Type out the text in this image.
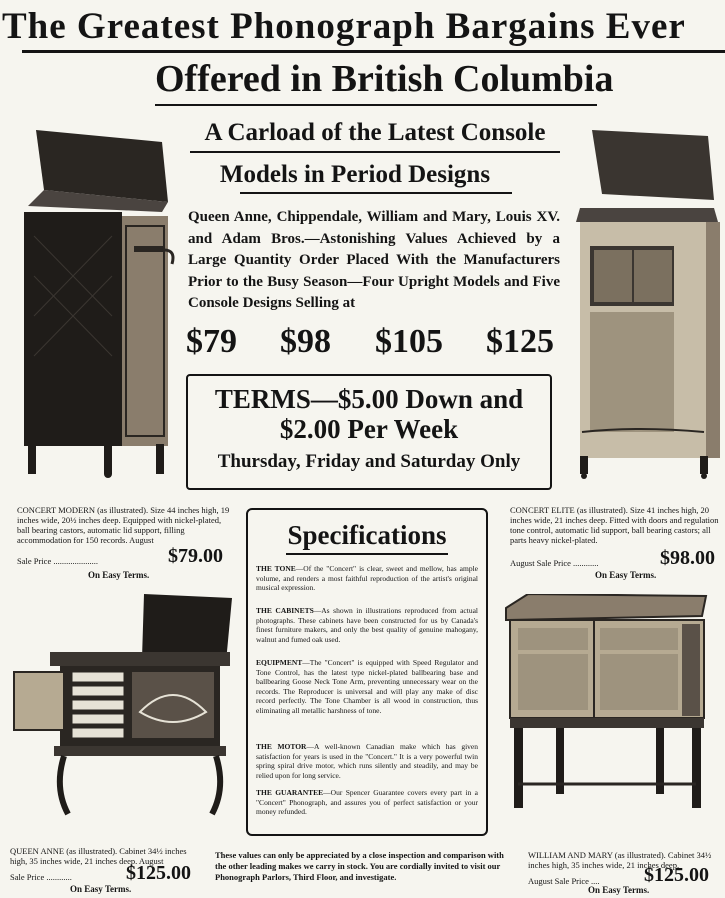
The Greatest Phonograph Bargains Ever
Offered in British Columbia
A Carload of the Latest Console
Models in Period Designs
Queen Anne, Chippendale, William and Mary, Louis XV. and Adam Bros.—Astonishing Values Achieved by a Large Quantity Order Placed With the Manufacturers Prior to the Busy Season—Four Upright Models and Five Console Designs Selling at
$79 $98 $105 $125
TERMS—$5.00 Down and
$2.00 Per Week
Thursday, Friday and Saturday Only
CONCERT MODERN (as illustrated). Size 44 inches high, 19 inches wide, 20½ inches deep. Equipped with nickel-plated, ball bearing castors, automatic lid support, filling accommodation for 150 records. August
Sale Price .....................	$79.00
On Easy Terms.
CONCERT ELITE (as illustrated). Size 41 inches high, 20 inches wide, 21 inches deep. Fitted with doors and regulation tone control, automatic lid support, ball bearing castors; all parts heavy nickel-plated.
August Sale Price ............	$98.00
On Easy Terms.
Specifications
THE TONE—Of the "Concert" is clear, sweet and mellow, has ample volume, and renders a most faithful reproduction of the artist's original musical expression.
THE CABINETS—As shown in illustrations reproduced from actual photographs. These cabinets have been constructed for us by Canada's finest furniture makers, and only the best quality of genuine mahogany, walnut and fumed oak used.
EQUIPMENT—The "Concert" is equipped with Speed Regulator and Tone Control, has the latest type nickel-plated ballbearing base and ballbearing Goose Neck Tone Arm, preventing unnecessary wear on the records. The Reproducer is universal and will play any make of disc record perfectly. The Tone Chamber is all wood in construction, thus eliminating all metallic harshness of tone.
THE MOTOR—A well-known Canadian make which has given satisfaction for years is used in the "Concert." It is a very powerful twin spring spiral drive motor, which runs silently and steadily, and may be relied upon for long service.
THE GUARANTEE—Our Spencer Guarantee covers every part in a "Concert" Phonograph, and assures you of perfect satisfaction or your money refunded.
QUEEN ANNE (as illustrated). Cabinet 34½ inches high, 35 inches wide, 21 inches deep. August
Sale Price ............	$125.00
On Easy Terms.
These values can only be appreciated by a close inspection and comparison with the other leading makes we carry in stock. You are cordially invited to visit our Phonograph Parlors, Third Floor, and investigate.
WILLIAM AND MARY (as illustrated). Cabinet 34½ inches high, 35 inches wide, 21 inches deep.
August Sale Price ....	$125.00
On Easy Terms.
